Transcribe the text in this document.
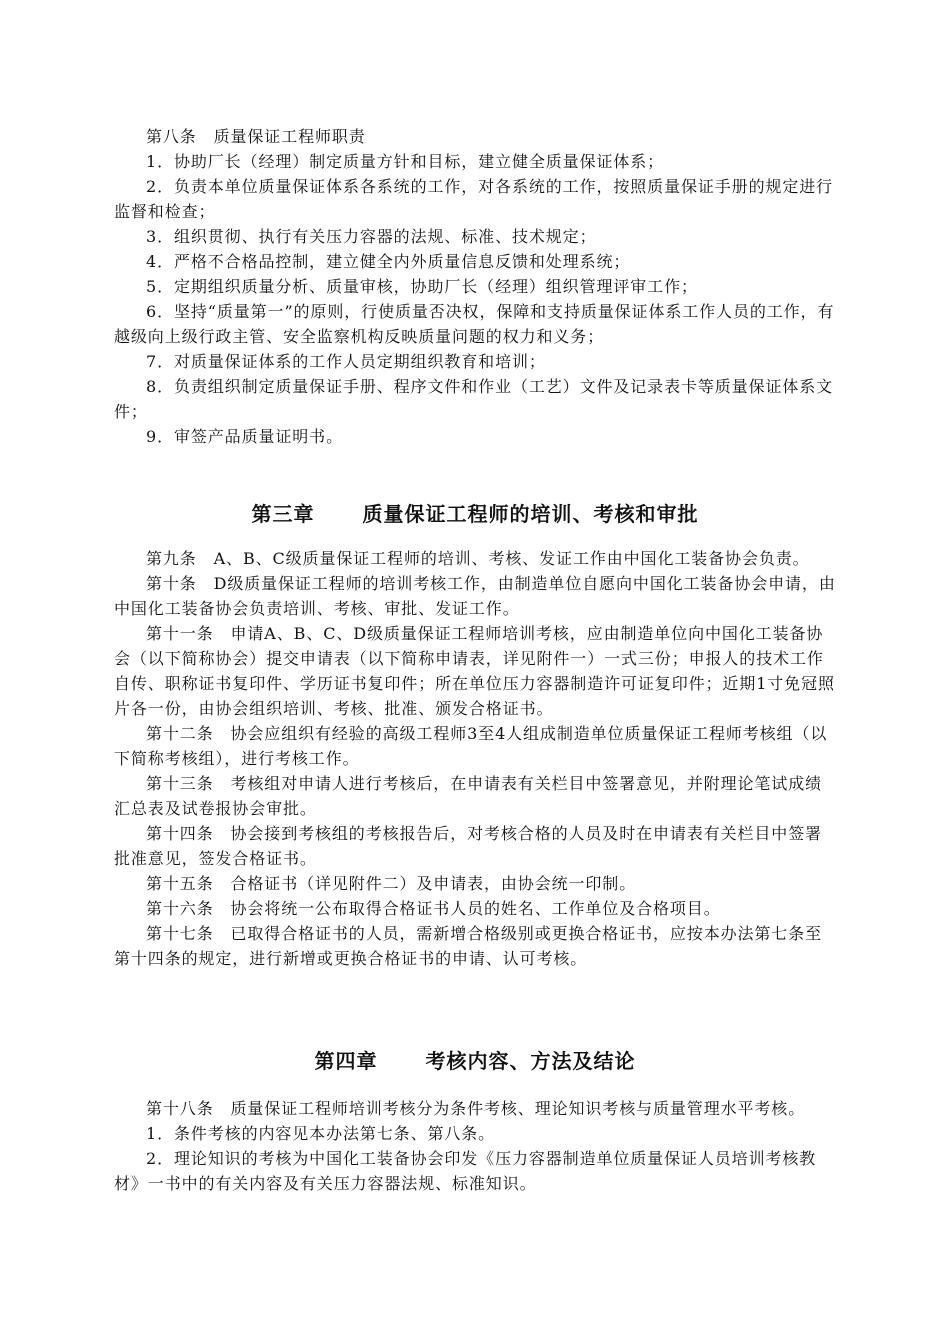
第八条　质量保证工程师职责

1．协助厂长（经理）制定质量方针和目标，建立健全质量保证体系；

2．负责本单位质量保证体系各系统的工作，对各系统的工作，按照质量保证手册的规定进行监督和检查；

3．组织贯彻、执行有关压力容器的法规、标准、技术规定；

4．严格不合格品控制，建立健全内外质量信息反馈和处理系统；

5．定期组织质量分析、质量审核，协助厂长（经理）组织管理评审工作；

6．坚持“质量第一”的原则，行使质量否决权，保障和支持质量保证体系工作人员的工作，有越级向上级行政主管、安全监察机构反映质量问题的权力和义务；

7．对质量保证体系的工作人员定期组织教育和培训；

8．负责组织制定质量保证手册、程序文件和作业（工艺）文件及记录表卡等质量保证体系文件；

9．审签产品质量证明书。

第三章 质量保证工程师的培训、考核和审批

第九条　A、B、C级质量保证工程师的培训、考核、发证工作由中国化工装备协会负责。

第十条　D级质量保证工程师的培训考核工作，由制造单位自愿向中国化工装备协会申请，由中国化工装备协会负责培训、考核、审批、发证工作。

第十一条　申请A、B、C、D级质量保证工程师培训考核，应由制造单位向中国化工装备协会（以下简称协会）提交申请表（以下简称申请表，详见附件一）一式三份；申报人的技术工作自传、职称证书复印件、学历证书复印件；所在单位压力容器制造许可证复印件；近期1寸免冠照片各一份，由协会组织培训、考核、批准、颁发合格证书。

第十二条　协会应组织有经验的高级工程师3至4人组成制造单位质量保证工程师考核组（以下简称考核组），进行考核工作。

第十三条　考核组对申请人进行考核后，在申请表有关栏目中签署意见，并附理论笔试成绩汇总表及试卷报协会审批。

第十四条　协会接到考核组的考核报告后，对考核合格的人员及时在申请表有关栏目中签署批准意见，签发合格证书。

第十五条　合格证书（详见附件二）及申请表，由协会统一印制。

第十六条　协会将统一公布取得合格证书人员的姓名、工作单位及合格项目。

第十七条　已取得合格证书的人员，需新增合格级别或更换合格证书，应按本办法第七条至第十四条的规定，进行新增或更换合格证书的申请、认可考核。

第四章 考核内容、方法及结论

第十八条　质量保证工程师培训考核分为条件考核、理论知识考核与质量管理水平考核。

1．条件考核的内容见本办法第七条、第八条。

2．理论知识的考核为中国化工装备协会印发《压力容器制造单位质量保证人员培训考核教材》一书中的有关内容及有关压力容器法规、标准知识。
